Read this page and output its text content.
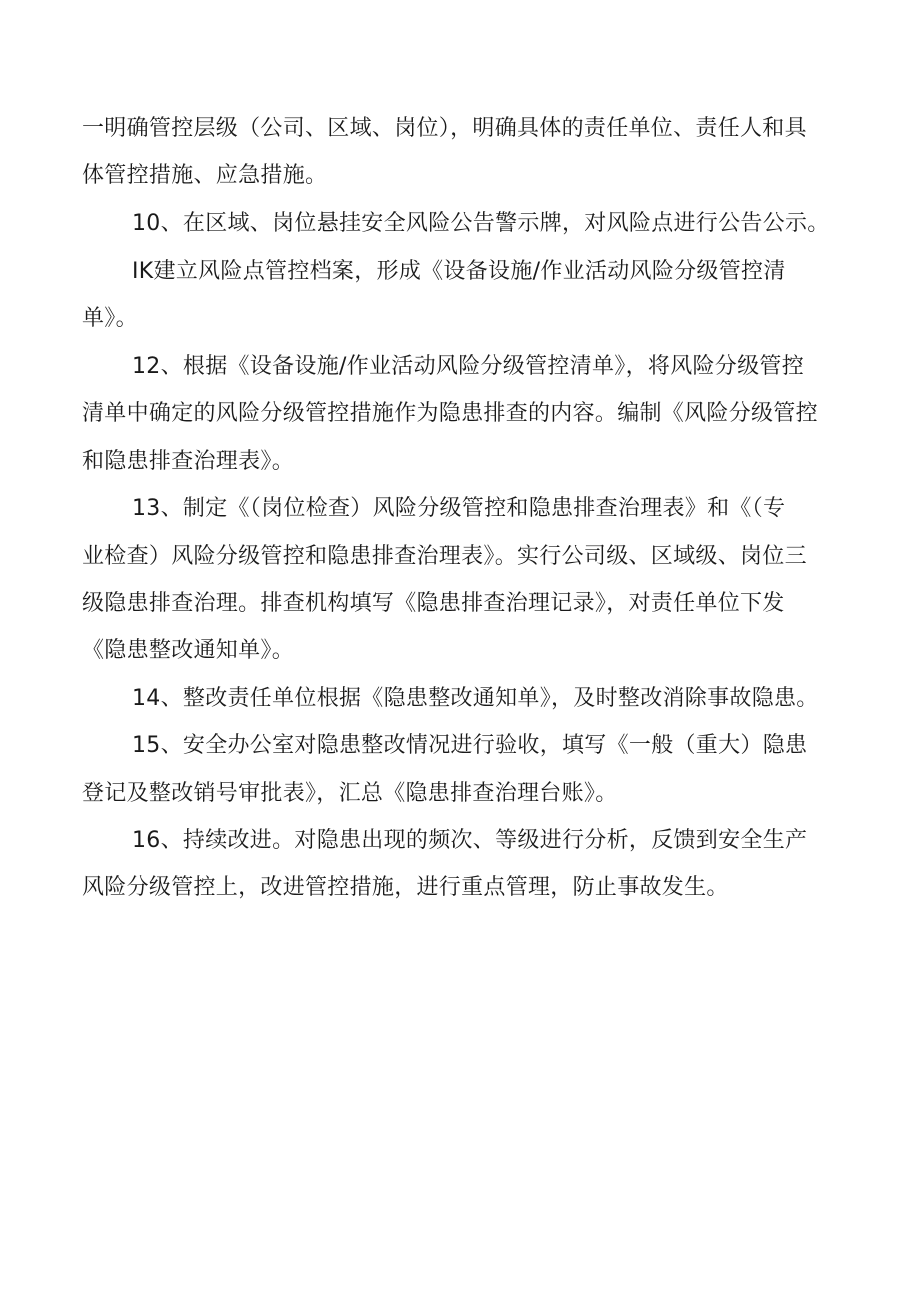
一明确管控层级（公司、区域、岗位），明确具体的责任单位、责任人和具
体管控措施、应急措施。
10、在区域、岗位悬挂安全风险公告警示牌，对风险点进行公告公示。
IK建立风险点管控档案，形成《设备设施/作业活动风险分级管控清
单》。
12、根据《设备设施/作业活动风险分级管控清单》，将风险分级管控
清单中确定的风险分级管控措施作为隐患排查的内容。编制《风险分级管控
和隐患排查治理表》。
13、制定《（岗位检查）风险分级管控和隐患排查治理表》和《（专
业检查）风险分级管控和隐患排查治理表》。实行公司级、区域级、岗位三
级隐患排查治理。排查机构填写《隐患排查治理记录》，对责任单位下发
《隐患整改通知单》。
14、整改责任单位根据《隐患整改通知单》，及时整改消除事故隐患。
15、安全办公室对隐患整改情况进行验收，填写《一般（重大）隐患
登记及整改销号审批表》，汇总《隐患排查治理台账》。
16、持续改进。对隐患出现的频次、等级进行分析，反馈到安全生产
风险分级管控上，改进管控措施，进行重点管理，防止事故发生。
